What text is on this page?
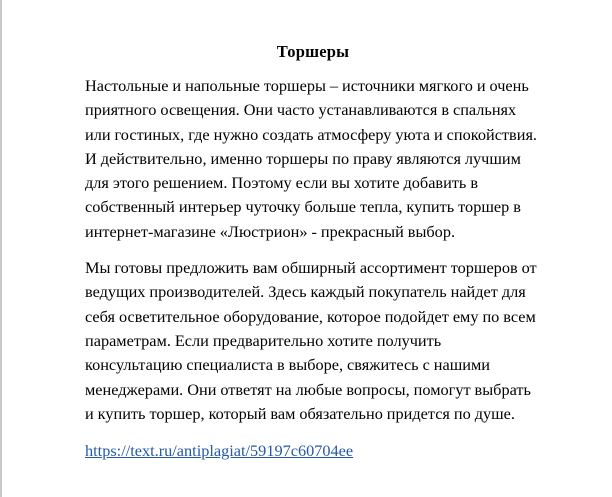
Торшеры

Настольные и напольные торшеры – источники мягкого и очень приятного освещения. Они часто устанавливаются в спальнях или гостиных, где нужно создать атмосферу уюта и спокойствия. И действительно, именно торшеры по праву являются лучшим для этого решением. Поэтому если вы хотите добавить в собственный интерьер чуточку больше тепла, купить торшер в интернет-магазине «Люстрион» - прекрасный выбор.

Мы готовы предложить вам обширный ассортимент торшеров от ведущих производителей. Здесь каждый покупатель найдет для себя осветительное оборудование, которое подойдет ему по всем параметрам. Если предварительно хотите получить консультацию специалиста в выборе, свяжитесь с нашими менеджерами. Они ответят на любые вопросы, помогут выбрать и купить торшер, который вам обязательно придется по душе.

https://text.ru/antiplagiat/59197c60704ee
